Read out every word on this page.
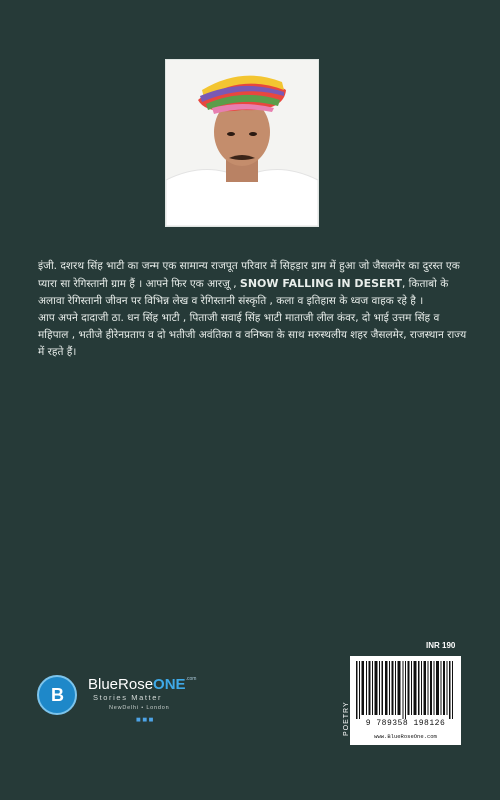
इंजी. दशरथ सिंह भाटी का जन्म एक सामान्य राजपूत परिवार में सिहड़ार ग्राम में हुआ जो जैसलमेर का दुरस्त एक प्यारा सा रेगिस्तानी ग्राम हैं । आपने फिर एक आरज़ू , SNOW FALLING IN DESERT, किताबो के अलावा रेगिस्तानी जीवन पर विभिन्न लेख व रेगिस्तानी संस्कृति , कला व इतिहास के ध्वज वाहक रहे है ।

आप अपने दादाजी ठा. धन सिंह भाटी , पिताजी सवाई सिंह भाटी माताजी लील कंवर, दो भाई उत्तम सिंह व महिपाल , भतीजे हीरेनप्रताप व दो भतीजी अवंतिका व वनिष्का के साथ मरुस्थलीय शहर जैसलमेर, राजस्थान राज्य में रहते हैं।

B
BlueRoseONE$^{.com}$
Stories Matter
NewDelhi • London
■ ■ ■
INR 190
POETRY	9 789358 198126
www.BlueRoseOne.com
